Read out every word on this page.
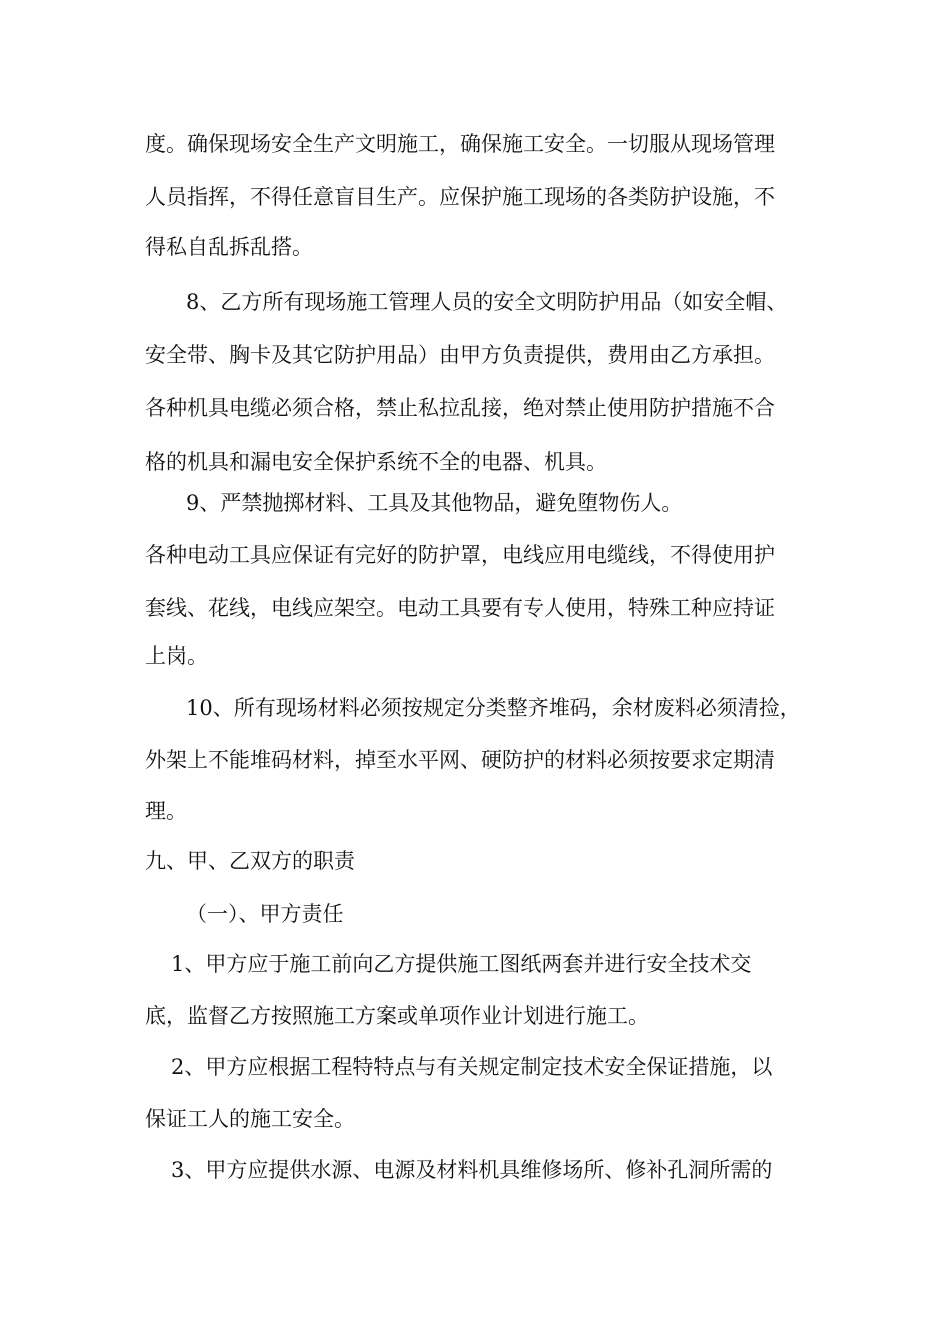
度。确保现场安全生产文明施工，确保施工安全。一切服从现场管理
人员指挥，不得任意盲目生产。应保护施工现场的各类防护设施，不
得私自乱拆乱搭。
8、乙方所有现场施工管理人员的安全文明防护用品（如安全帽、
安全带、胸卡及其它防护用品）由甲方负责提供，费用由乙方承担。
各种机具电缆必须合格，禁止私拉乱接，绝对禁止使用防护措施不合
格的机具和漏电安全保护系统不全的电器、机具。
9、严禁抛掷材料、工具及其他物品，避免堕物伤人。
各种电动工具应保证有完好的防护罩，电线应用电缆线，不得使用护
套线、花线，电线应架空。电动工具要有专人使用，特殊工种应持证
上岗。
10、所有现场材料必须按规定分类整齐堆码，余材废料必须清捡，
外架上不能堆码材料，掉至水平网、硬防护的材料必须按要求定期清
理。
九、甲、乙双方的职责
（一）、甲方责任
1、甲方应于施工前向乙方提供施工图纸两套并进行安全技术交
底，监督乙方按照施工方案或单项作业计划进行施工。
2、甲方应根据工程特特点与有关规定制定技术安全保证措施，以
保证工人的施工安全。
3、甲方应提供水源、电源及材料机具维修场所、修补孔洞所需的
